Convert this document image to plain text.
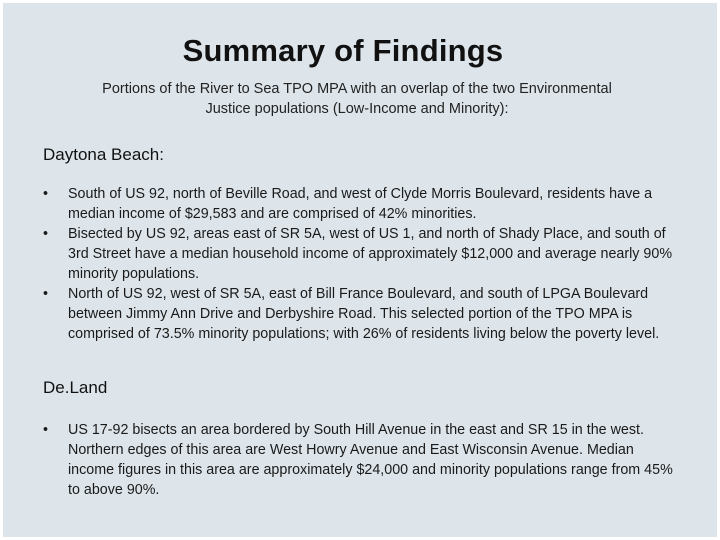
Summary of Findings
Portions of the River to Sea TPO MPA with an overlap of the two Environmental Justice populations (Low-Income and Minority):
Daytona Beach:
• South of US 92, north of Beville Road, and west of Clyde Morris Boulevard, residents have a median income of $29,583 and are comprised of 42% minorities.
• Bisected by US 92, areas east of SR 5A, west of US 1, and north of Shady Place, and south of 3rd Street have a median household income of approximately $12,000 and average nearly 90% minority populations.
• North of US 92, west of SR 5A, east of Bill France Boulevard, and south of LPGA Boulevard between Jimmy Ann Drive and Derbyshire Road. This selected portion of the TPO MPA is comprised of 73.5% minority populations; with 26% of residents living below the poverty level.
De.Land
• US 17-92 bisects an area bordered by South Hill Avenue in the east and SR 15 in the west. Northern edges of this area are West Howry Avenue and East Wisconsin Avenue. Median income figures in this area are approximately $24,000 and minority populations range from 45% to above 90%.
